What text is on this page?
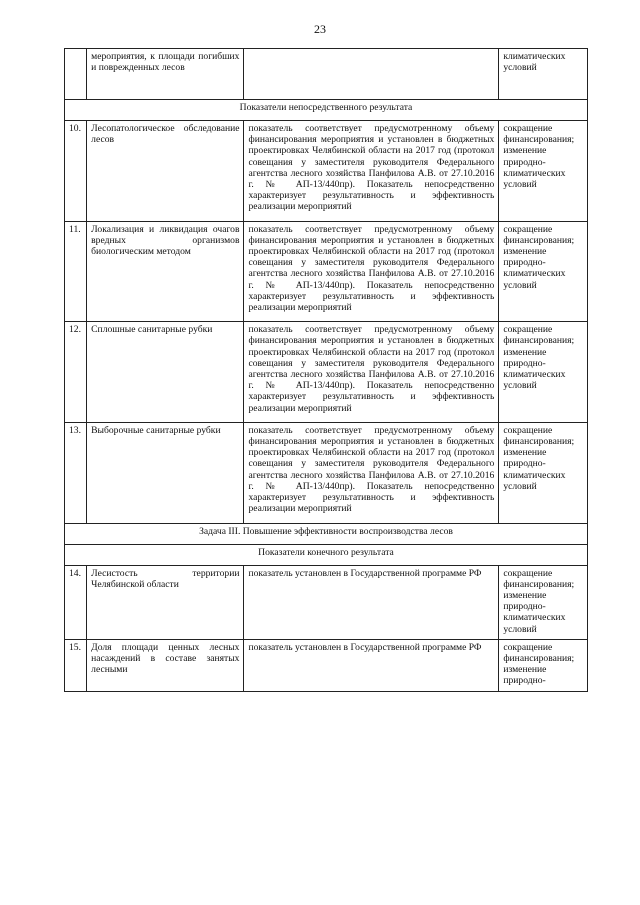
23
	мероприятия, к площади погибших и поврежденных лесов		климатических условий
Показатели непосредственного результата			
10.	Лесопатологическое обследование лесов	показатель соответствует предусмотренному объему финансирования мероприятия и установлен в бюджетных проектировках Челябинской области на 2017 год (протокол совещания у заместителя руководителя Федерального агентства лесного хозяйства Панфилова А.В. от 27.10.2016 г. № АП-13/440пр). Показатель непосредственно характеризует результативность и эффективность реализации мероприятий	сокращение финансирования; изменение природно-климатических условий
11.	Локализация и ликвидация очагов вредных организмов биологическим методом	показатель соответствует предусмотренному объему финансирования мероприятия и установлен в бюджетных проектировках Челябинской области на 2017 год (протокол совещания у заместителя руководителя Федерального агентства лесного хозяйства Панфилова А.В. от 27.10.2016 г. № АП-13/440пр). Показатель непосредственно характеризует результативность и эффективность реализации мероприятий	сокращение финансирования; изменение природно-климатических условий
12.	Сплошные санитарные рубки	показатель соответствует предусмотренному объему финансирования мероприятия и установлен в бюджетных проектировках Челябинской области на 2017 год (протокол совещания у заместителя руководителя Федерального агентства лесного хозяйства Панфилова А.В. от 27.10.2016 г. № АП-13/440пр). Показатель непосредственно характеризует результативность и эффективность реализации мероприятий	сокращение финансирования; изменение природно-климатических условий
13.	Выборочные санитарные рубки	показатель соответствует предусмотренному объему финансирования мероприятия и установлен в бюджетных проектировках Челябинской области на 2017 год (протокол совещания у заместителя руководителя Федерального агентства лесного хозяйства Панфилова А.В. от 27.10.2016 г. № АП-13/440пр). Показатель непосредственно характеризует результативность и эффективность реализации мероприятий	сокращение финансирования; изменение природно-климатических условий
Задача III. Повышение эффективности воспроизводства лесов			
Показатели конечного результата			
14.	Лесистость территории Челябинской области	показатель установлен в Государственной программе РФ	сокращение финансирования; изменение природно-климатических условий
15.	Доля площади ценных лесных насаждений в составе занятых лесными	показатель установлен в Государственной программе РФ	сокращение финансирования; изменение природно-
